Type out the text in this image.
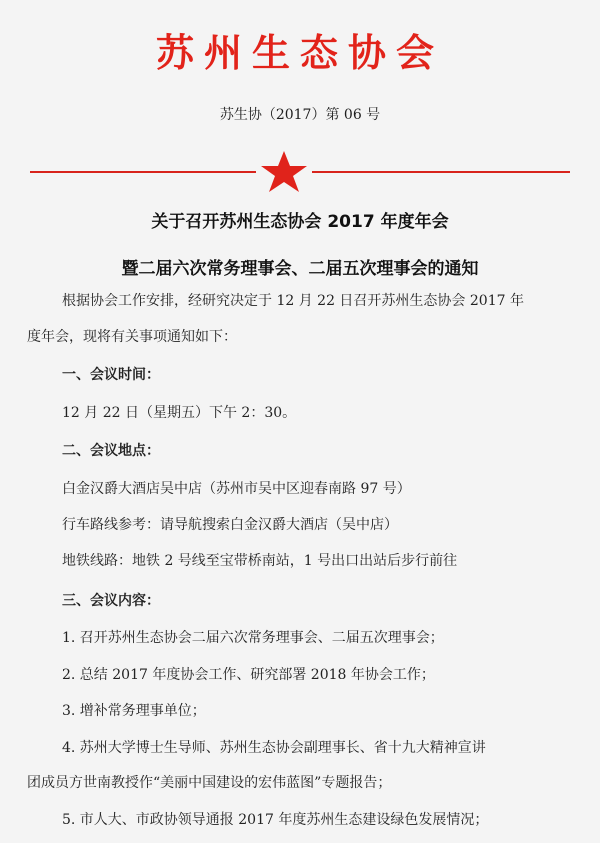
苏州生态协会
苏生协（2017）第 06 号
关于召开苏州生态协会 2017 年度年会
暨二届六次常务理事会、二届五次理事会的通知
根据协会工作安排，经研究决定于 12 月 22 日召开苏州生态协会 2017 年
度年会，现将有关事项通知如下：
一、会议时间：
12 月 22 日（星期五）下午 2：30。
二、会议地点：
白金汉爵大酒店吴中店（苏州市吴中区迎春南路 97 号）
行车路线参考：请导航搜索白金汉爵大酒店（吴中店）
地铁线路：地铁 2 号线至宝带桥南站，1 号出口出站后步行前往
三、会议内容：
1. 召开苏州生态协会二届六次常务理事会、二届五次理事会；
2. 总结 2017 年度协会工作、研究部署 2018 年协会工作；
3. 增补常务理事单位；
4. 苏州大学博士生导师、苏州生态协会副理事长、省十九大精神宣讲
团成员方世南教授作“美丽中国建设的宏伟蓝图”专题报告；
5. 市人大、市政协领导通报 2017 年度苏州生态建设绿色发展情况；
